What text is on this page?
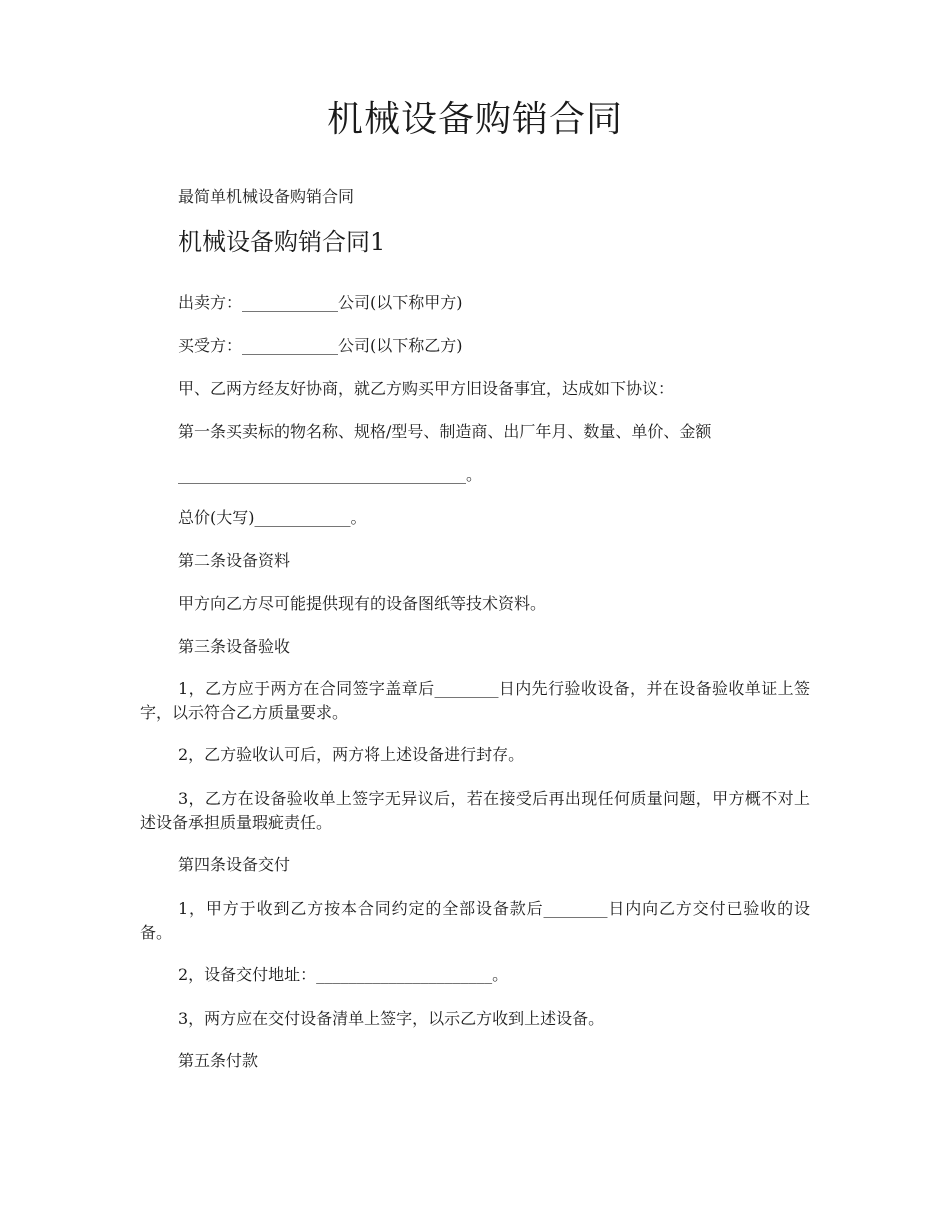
机械设备购销合同
最简单机械设备购销合同
机械设备购销合同1
出卖方：____________公司(以下称甲方)
买受方：____________公司(以下称乙方)
甲、乙两方经友好协商，就乙方购买甲方旧设备事宜，达成如下协议：
第一条买卖标的物名称、规格/型号、制造商、出厂年月、数量、单价、金额
____________________________________。
总价(大写)____________。
第二条设备资料
甲方向乙方尽可能提供现有的设备图纸等技术资料。
第三条设备验收
1，乙方应于两方在合同签字盖章后________日内先行验收设备，并在设备验收单证上签字，以示符合乙方质量要求。
2，乙方验收认可后，两方将上述设备进行封存。
3，乙方在设备验收单上签字无异议后，若在接受后再出现任何质量问题，甲方概不对上述设备承担质量瑕疵责任。
第四条设备交付
1，甲方于收到乙方按本合同约定的全部设备款后________日内向乙方交付已验收的设备。
2，设备交付地址：______________________。
3，两方应在交付设备清单上签字，以示乙方收到上述设备。
第五条付款
